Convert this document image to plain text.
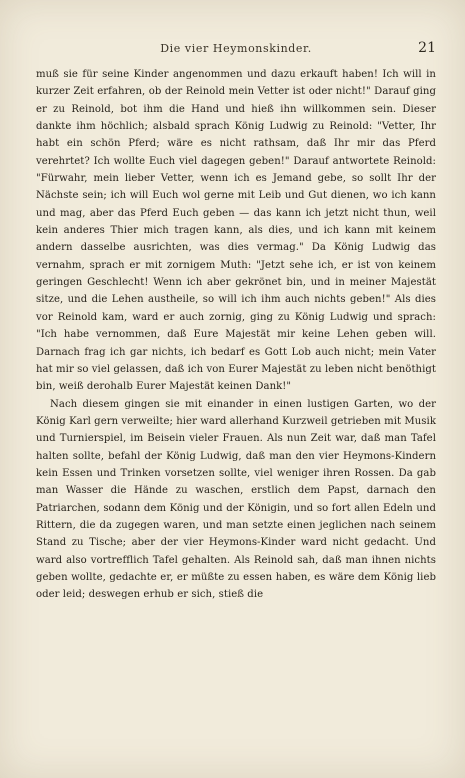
Die vier Heymonskinder.	21

muß sie für seine Kinder angenommen und dazu erkauft haben! Ich will in kurzer Zeit erfahren, ob der Reinold mein Vetter ist oder nicht!" Darauf ging er zu Reinold, bot ihm die Hand und hieß ihn willkommen sein. Dieser dankte ihm höchlich; alsbald sprach König Ludwig zu Reinold: "Vetter, Ihr habt ein schön Pferd; wäre es nicht rathsam, daß Ihr mir das Pferd verehrtet? Ich wollte Euch viel dagegen geben!" Darauf antwortete Reinold: "Fürwahr, mein lieber Vetter, wenn ich es Jemand gebe, so sollt Ihr der Nächste sein; ich will Euch wol gerne mit Leib und Gut dienen, wo ich kann und mag, aber das Pferd Euch geben — das kann ich jetzt nicht thun, weil kein anderes Thier mich tragen kann, als dies, und ich kann mit keinem andern dasselbe ausrichten, was dies vermag." Da König Ludwig das vernahm, sprach er mit zornigem Muth: "Jetzt sehe ich, er ist von keinem geringen Geschlecht! Wenn ich aber gekrönet bin, und in meiner Majestät sitze, und die Lehen austheile, so will ich ihm auch nichts geben!" Als dies vor Reinold kam, ward er auch zornig, ging zu König Ludwig und sprach: "Ich habe vernommen, daß Eure Majestät mir keine Lehen geben will. Darnach frag ich gar nichts, ich bedarf es Gott Lob auch nicht; mein Vater hat mir so viel gelassen, daß ich von Eurer Majestät zu leben nicht benöthigt bin, weiß derohalb Eurer Majestät keinen Dank!"

Nach diesem gingen sie mit einander in einen lustigen Garten, wo der König Karl gern verweilte; hier ward allerhand Kurzweil getrieben mit Musik und Turnierspiel, im Beisein vieler Frauen. Als nun Zeit war, daß man Tafel halten sollte, befahl der König Ludwig, daß man den vier Heymons-Kindern kein Essen und Trinken vorsetzen sollte, viel weniger ihren Rossen. Da gab man Wasser die Hände zu waschen, erstlich dem Papst, darnach den Patriarchen, sodann dem König und der Königin, und so fort allen Edeln und Rittern, die da zugegen waren, und man setzte einen jeglichen nach seinem Stand zu Tische; aber der vier Heymons-Kinder ward nicht gedacht. Und ward also vortrefflich Tafel gehalten. Als Reinold sah, daß man ihnen nichts geben wollte, gedachte er, er müßte zu essen haben, es wäre dem König lieb oder leid; deswegen erhub er sich, stieß die
